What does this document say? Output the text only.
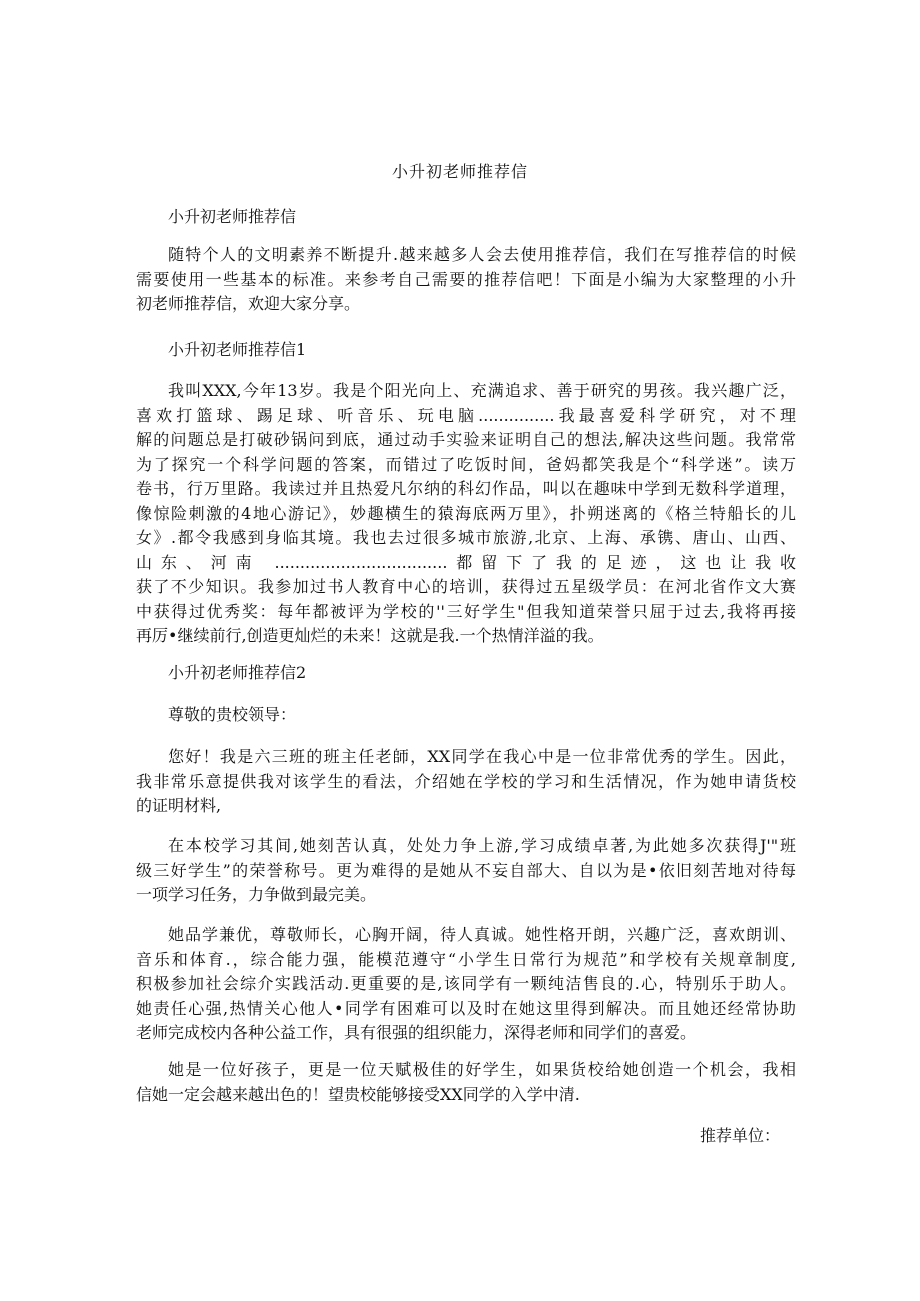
小升初老师推荐信

小升初老师推荐信

随特个人的文明素养不断提升.越来越多人会去使用推荐信，我们在写推荐信的时候
需要使用一些基本的标准。来参考自己需要的推荐信吧！下面是小编为大家整理的小升
初老师推荐信，欢迎大家分享。

小升初老师推荐信1

我叫XXX,今年13岁。我是个阳光向上、充满追求、善于研究的男孩。我兴趣广泛，
喜欢打篮球、踢足球、听音乐、玩电脑...............我最喜爱科学研究，对不理
解的问题总是打破砂锅问到底，通过动手实验来证明自己的想法,解决这些问题。我常常
为了探究一个科学问题的答案，而错过了吃饭时间，爸妈都笑我是个“科学迷”。读万
卷书，行万里路。我读过并且热爱凡尔纳的科幻作品，叫以在趣味中学到无数科学道理，
像惊险刺激的4地心游记》，妙趣横生的猿海底两万里》，扑朔迷离的《格兰特船长的儿
女》.都令我感到身临其境。我也去过很多城市旅游,北京、上海、承镌、唐山、山西、
山东、河南 ..................................都留下了我的足迹，这也让我收
获了不少知识。我参加过书人教育中心的培训，获得过五星级学员：在河北省作文大赛
中获得过优秀奖：每年都被评为学校的''三好学生"但我知道荣誉只屈于过去,我将再接
再厉•继续前行,创造更灿烂的未来！这就是我.一个热情洋溢的我。

小升初老师推荐信2

尊敬的贵校领导：

您好！我是六三班的班主任老師，XX同学在我心中是一位非常优秀的学生。因此，
我非常乐意提供我对该学生的看法，介绍她在学校的学习和生活情况，作为她申请货校
的证明材料,

在本校学习其间,她刻苦认真，处处力争上游,学习成绩卓著,为此她多次获得J'"班
级三好学生”的荣誉称号。更为难得的是她从不妄自部大、自以为是•依旧刻苦地对待每
一项学习任务，力争做到最完美。

她品学兼优，尊敬师长，心胸开阔，待人真诚。她性格开朗，兴趣广泛，喜欢朗训、
音乐和体育.，综合能力强，能模范遵守“小学生日常行为规范”和学校有关规章制度,
积极参加社会综介实践活动.更重要的是,该同学有一颗纯洁售良的.心，特别乐于助人。
她责任心强,热情关心他人•同学有困难可以及时在她这里得到解决。而且她还经常协助
老师完成校内各种公益工作，具有很强的组织能力，深得老师和同学们的喜爱。

她是一位好孩子，更是一位天赋极佳的好学生，如果货校给她创造一个机会，我相
信她一定会越来越出色的！望贵校能够接受XX同学的入学中清.

推荐单位：
